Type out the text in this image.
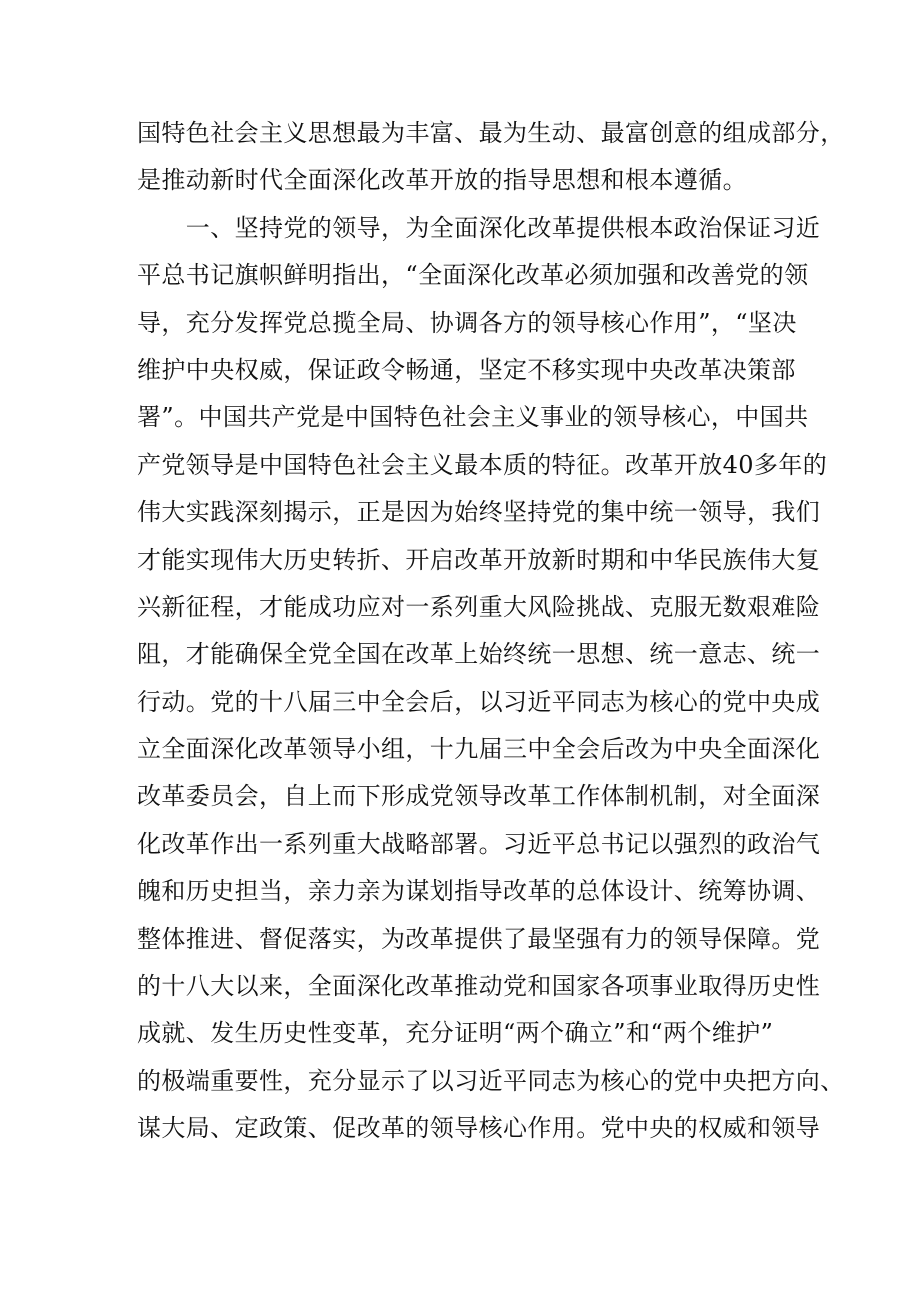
国特色社会主义思想最为丰富、最为生动、最富创意的组成部分，
是推动新时代全面深化改革开放的指导思想和根本遵循。
　　一、坚持党的领导，为全面深化改革提供根本政治保证习近
平总书记旗帜鲜明指出，“全面深化改革必须加强和改善党的领
导，充分发挥党总揽全局、协调各方的领导核心作用”，“坚决
维护中央权威，保证政令畅通，坚定不移实现中央改革决策部
署”。中国共产党是中国特色社会主义事业的领导核心，中国共
产党领导是中国特色社会主义最本质的特征。改革开放40多年的
伟大实践深刻揭示，正是因为始终坚持党的集中统一领导，我们
才能实现伟大历史转折、开启改革开放新时期和中华民族伟大复
兴新征程，才能成功应对一系列重大风险挑战、克服无数艰难险
阻，才能确保全党全国在改革上始终统一思想、统一意志、统一
行动。党的十八届三中全会后，以习近平同志为核心的党中央成
立全面深化改革领导小组，十九届三中全会后改为中央全面深化
改革委员会，自上而下形成党领导改革工作体制机制，对全面深
化改革作出一系列重大战略部署。习近平总书记以强烈的政治气
魄和历史担当，亲力亲为谋划指导改革的总体设计、统筹协调、
整体推进、督促落实，为改革提供了最坚强有力的领导保障。党
的十八大以来，全面深化改革推动党和国家各项事业取得历史性
成就、发生历史性变革，充分证明“两个确立”和“两个维护”
的极端重要性，充分显示了以习近平同志为核心的党中央把方向、
谋大局、定政策、促改革的领导核心作用。党中央的权威和领导
